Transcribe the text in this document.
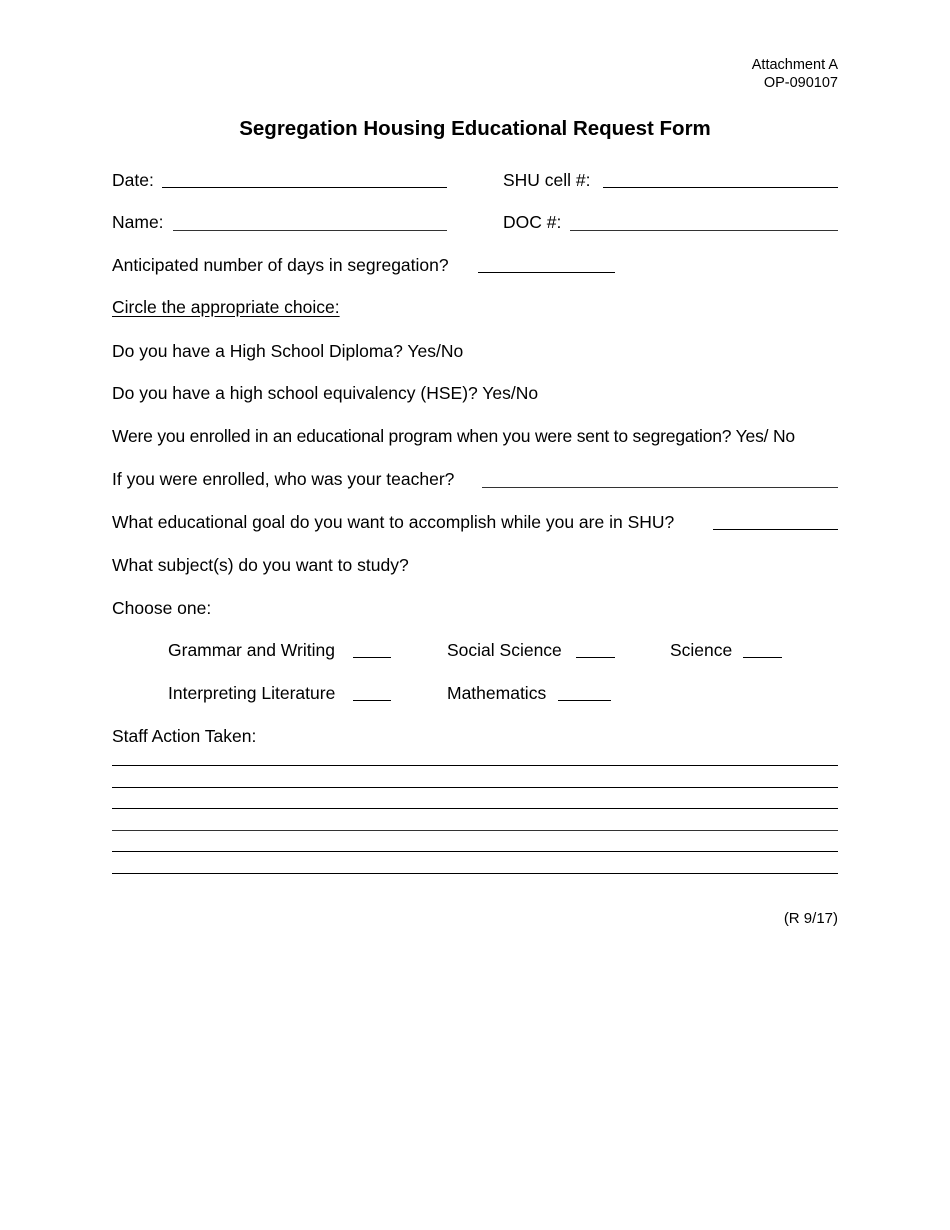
Attachment A
OP-090107
Segregation Housing Educational Request Form
Date:	SHU cell #:
Name:	DOC #:
Anticipated number of days in segregation?
Circle the appropriate choice:
Do you have a High School Diploma? Yes/No
Do you have a high school equivalency (HSE)? Yes/No
Were you enrolled in an educational program when you were sent to segregation? Yes/ No
If you were enrolled, who was your teacher?
What educational goal do you want to accomplish while you are in SHU?
What subject(s) do you want to study?
Choose one:
Grammar and Writing	Social Science	Science
Interpreting Literature	Mathematics
Staff Action Taken:
(R 9/17)
